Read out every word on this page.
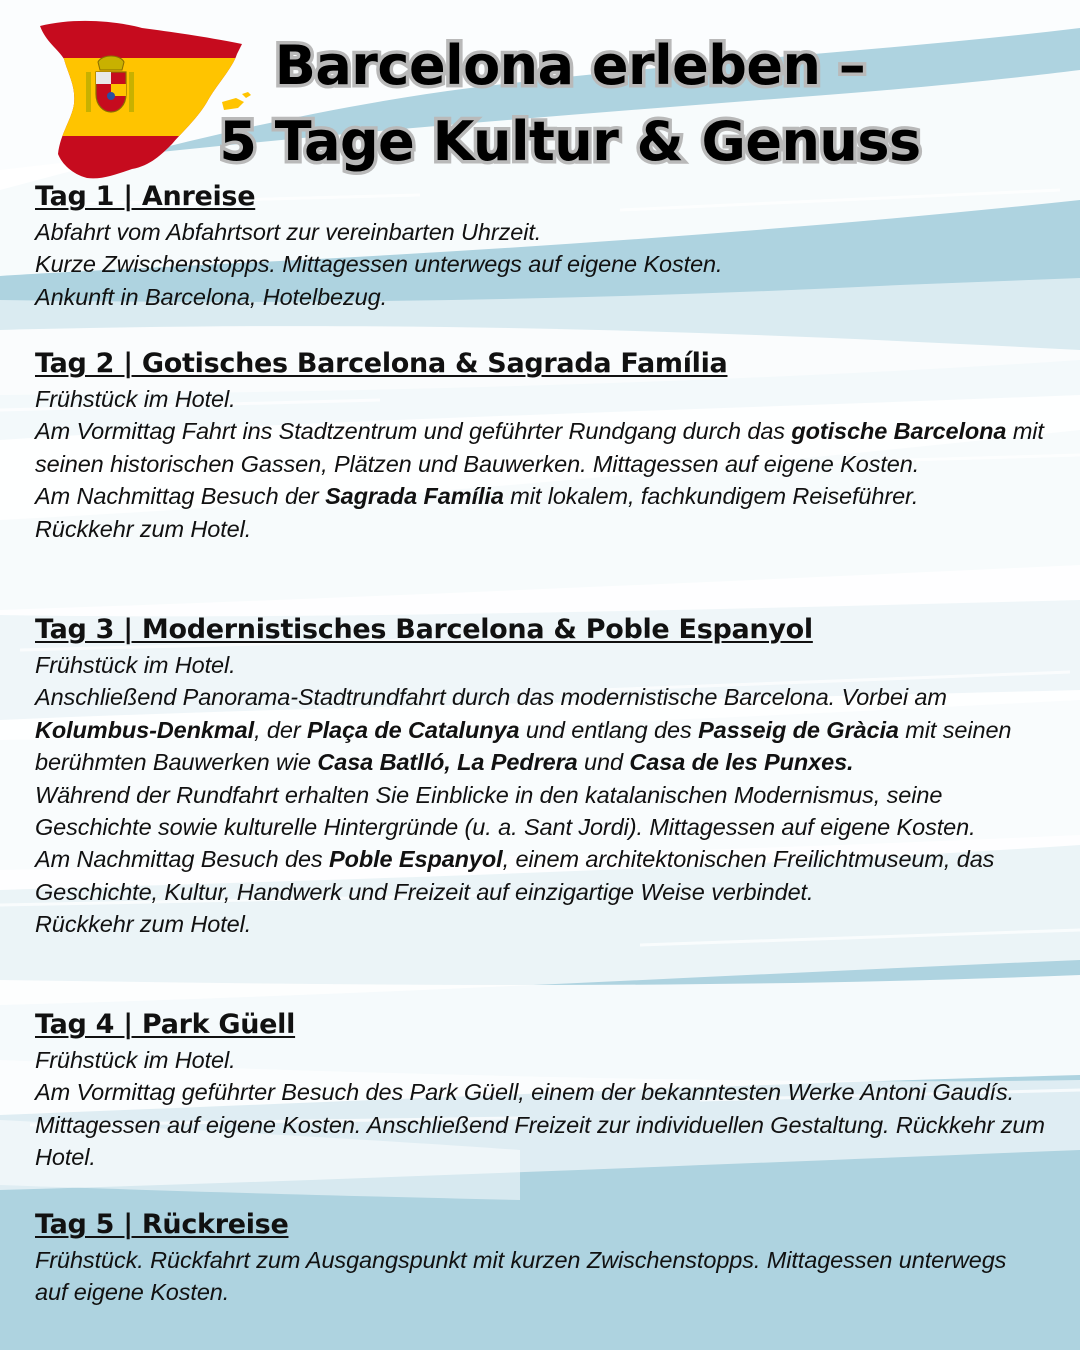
Barcelona erleben –
5 Tage Kultur & Genuss
Tag 1 | Anreise

Abfahrt vom Abfahrtsort zur vereinbarten Uhrzeit.
Kurze Zwischenstopps. Mittagessen unterwegs auf eigene Kosten.
Ankunft in Barcelona, Hotelbezug.

Tag 2 | Gotisches Barcelona & Sagrada Família

Frühstück im Hotel.
Am Vormittag Fahrt ins Stadtzentrum und geführter Rundgang durch das gotische Barcelona mit seinen historischen Gassen, Plätzen und Bauwerken. Mittagessen auf eigene Kosten.
Am Nachmittag Besuch der Sagrada Família mit lokalem, fachkundigem Reiseführer.
Rückkehr zum Hotel.

Tag 3 | Modernistisches Barcelona & Poble Espanyol

Frühstück im Hotel.
Anschließend Panorama-Stadtrundfahrt durch das modernistische Barcelona. Vorbei am Kolumbus-Denkmal, der Plaça de Catalunya und entlang des Passeig de Gràcia mit seinen berühmten Bauwerken wie Casa Batlló, La Pedrera und Casa de les Punxes.
Während der Rundfahrt erhalten Sie Einblicke in den katalanischen Modernismus, seine Geschichte sowie kulturelle Hintergründe (u. a. Sant Jordi). Mittagessen auf eigene Kosten.
Am Nachmittag Besuch des Poble Espanyol, einem architektonischen Freilichtmuseum, das Geschichte, Kultur, Handwerk und Freizeit auf einzigartige Weise verbindet.
Rückkehr zum Hotel.

Tag 4 | Park Güell

Frühstück im Hotel.
Am Vormittag geführter Besuch des Park Güell, einem der bekanntesten Werke Antoni Gaudís. Mittagessen auf eigene Kosten. Anschließend Freizeit zur individuellen Gestaltung. Rückkehr zum Hotel.

Tag 5 | Rückreise

Frühstück. Rückfahrt zum Ausgangspunkt mit kurzen Zwischenstopps. Mittagessen unterwegs auf eigene Kosten.
